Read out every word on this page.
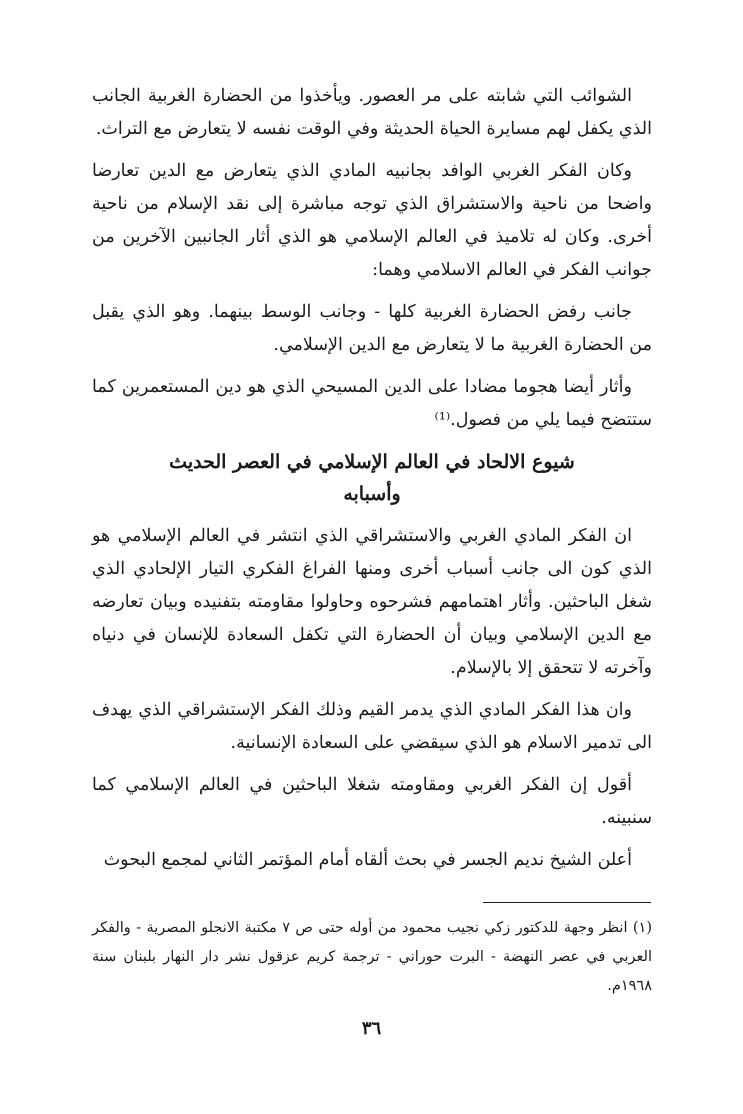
الشوائب التي شابته على مر العصور. ويأخذوا من الحضارة الغربية الجانب الذي يكفل لهم مسايرة الحياة الحديثة وفي الوقت نفسه لا يتعارض مع التراث.

وكان الفكر الغربي الوافد بجانبيه المادي الذي يتعارض مع الدين تعارضا واضحا من ناحية والاستشراق الذي توجه مباشرة إلى نقد الإسلام من ناحية أخرى. وكان له تلاميذ في العالم الإسلامي هو الذي أثار الجانبين الآخرين من جوانب الفكر في العالم الاسلامي وهما:

جانب رفض الحضارة الغربية كلها - وجانب الوسط بينهما. وهو الذي يقبل من الحضارة الغربية ما لا يتعارض مع الدين الإسلامي.

وأثار أيضا هجوما مضادا على الدين المسيحي الذي هو دين المستعمرين كما ستتضح فيما يلي من فصول.⁽¹⁾

شيوع الالحاد في العالم الإسلامي في العصر الحديث
وأسبابه

ان الفكر المادي الغربي والاستشراقي الذي انتشر في العالم الإسلامي هو الذي كون الى جانب أسباب أخرى ومنها الفراغ الفكري التيار الإلحادي الذي شغل الباحثين. وأثار اهتمامهم فشرحوه وحاولوا مقاومته بتفنيده وبيان تعارضه مع الدين الإسلامي وبيان أن الحضارة التي تكفل السعادة للإنسان في دنياه وآخرته لا تتحقق إلا بالإسلام.

وان هذا الفكر المادي الذي يدمر القيم وذلك الفكر الإستشراقي الذي يهدف الى تدمير الاسلام هو الذي سيقضي على السعادة الإنسانية.

أقول إن الفكر الغربي ومقاومته شغلا الباحثين في العالم الإسلامي كما سنبينه.

أعلن الشيخ نديم الجسر في بحث ألقاه أمام المؤتمر الثاني لمجمع البحوث

(١) انظر وجهة للدكتور زكي نجيب محمود من أوله حتى ص ٧ مكتبة الانجلو المصرية - والفكر العربي في عصر النهضة - البرت حوراني - ترجمة كريم عزقول نشر دار النهار بلبنان سنة ١٩٦٨م.
٣٦
